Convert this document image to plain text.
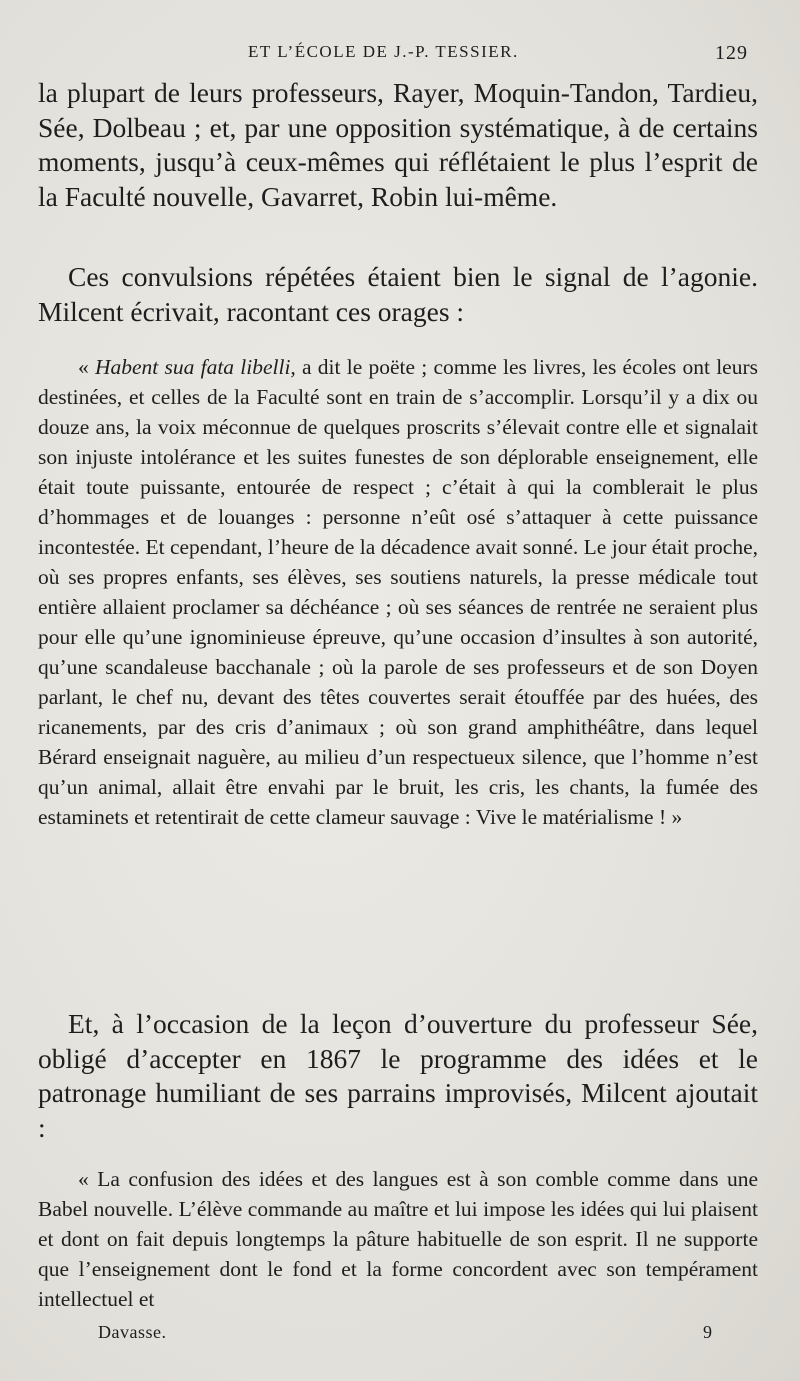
ET L’ÉCOLE DE J.-P. TESSIER.	129

la plupart de leurs professeurs, Rayer, Moquin-Tandon, Tardieu, Sée, Dolbeau ; et, par une opposition systématique, à de certains moments, jusqu’à ceux-mêmes qui réflétaient le plus l’esprit de la Faculté nouvelle, Gavarret, Robin lui-même.

Ces convulsions répétées étaient bien le signal de l’agonie. Milcent écrivait, racontant ces orages :

« Habent sua fata libelli, a dit le poëte ; comme les livres, les écoles ont leurs destinées, et celles de la Faculté sont en train de s’accomplir. Lorsqu’il y a dix ou douze ans, la voix méconnue de quelques proscrits s’élevait contre elle et signalait son injuste intolérance et les suites funestes de son déplorable enseignement, elle était toute puissante, entourée de respect ; c’était à qui la comblerait le plus d’hommages et de louanges : personne n’eût osé s’attaquer à cette puissance incontestée. Et cependant, l’heure de la décadence avait sonné. Le jour était proche, où ses propres enfants, ses élèves, ses soutiens naturels, la presse médicale tout entière allaient proclamer sa déchéance ; où ses séances de rentrée ne seraient plus pour elle qu’une ignominieuse épreuve, qu’une occasion d’insultes à son autorité, qu’une scandaleuse bacchanale ; où la parole de ses professeurs et de son Doyen parlant, le chef nu, devant des têtes couvertes serait étouffée par des huées, des ricanements, par des cris d’animaux ; où son grand amphithéâtre, dans lequel Bérard enseignait naguère, au milieu d’un respectueux silence, que l’homme n’est qu’un animal, allait être envahi par le bruit, les cris, les chants, la fumée des estaminets et retentirait de cette clameur sauvage : Vive le matérialisme ! »

Et, à l’occasion de la leçon d’ouverture du professeur Sée, obligé d’accepter en 1867 le programme des idées et le patronage humiliant de ses parrains improvisés, Milcent ajoutait :

« La confusion des idées et des langues est à son comble comme dans une Babel nouvelle. L’élève commande au maître et lui impose les idées qui lui plaisent et dont on fait depuis longtemps la pâture habituelle de son esprit. Il ne supporte que l’enseignement dont le fond et la forme concordent avec son tempérament intellectuel et

Davasse.	9
